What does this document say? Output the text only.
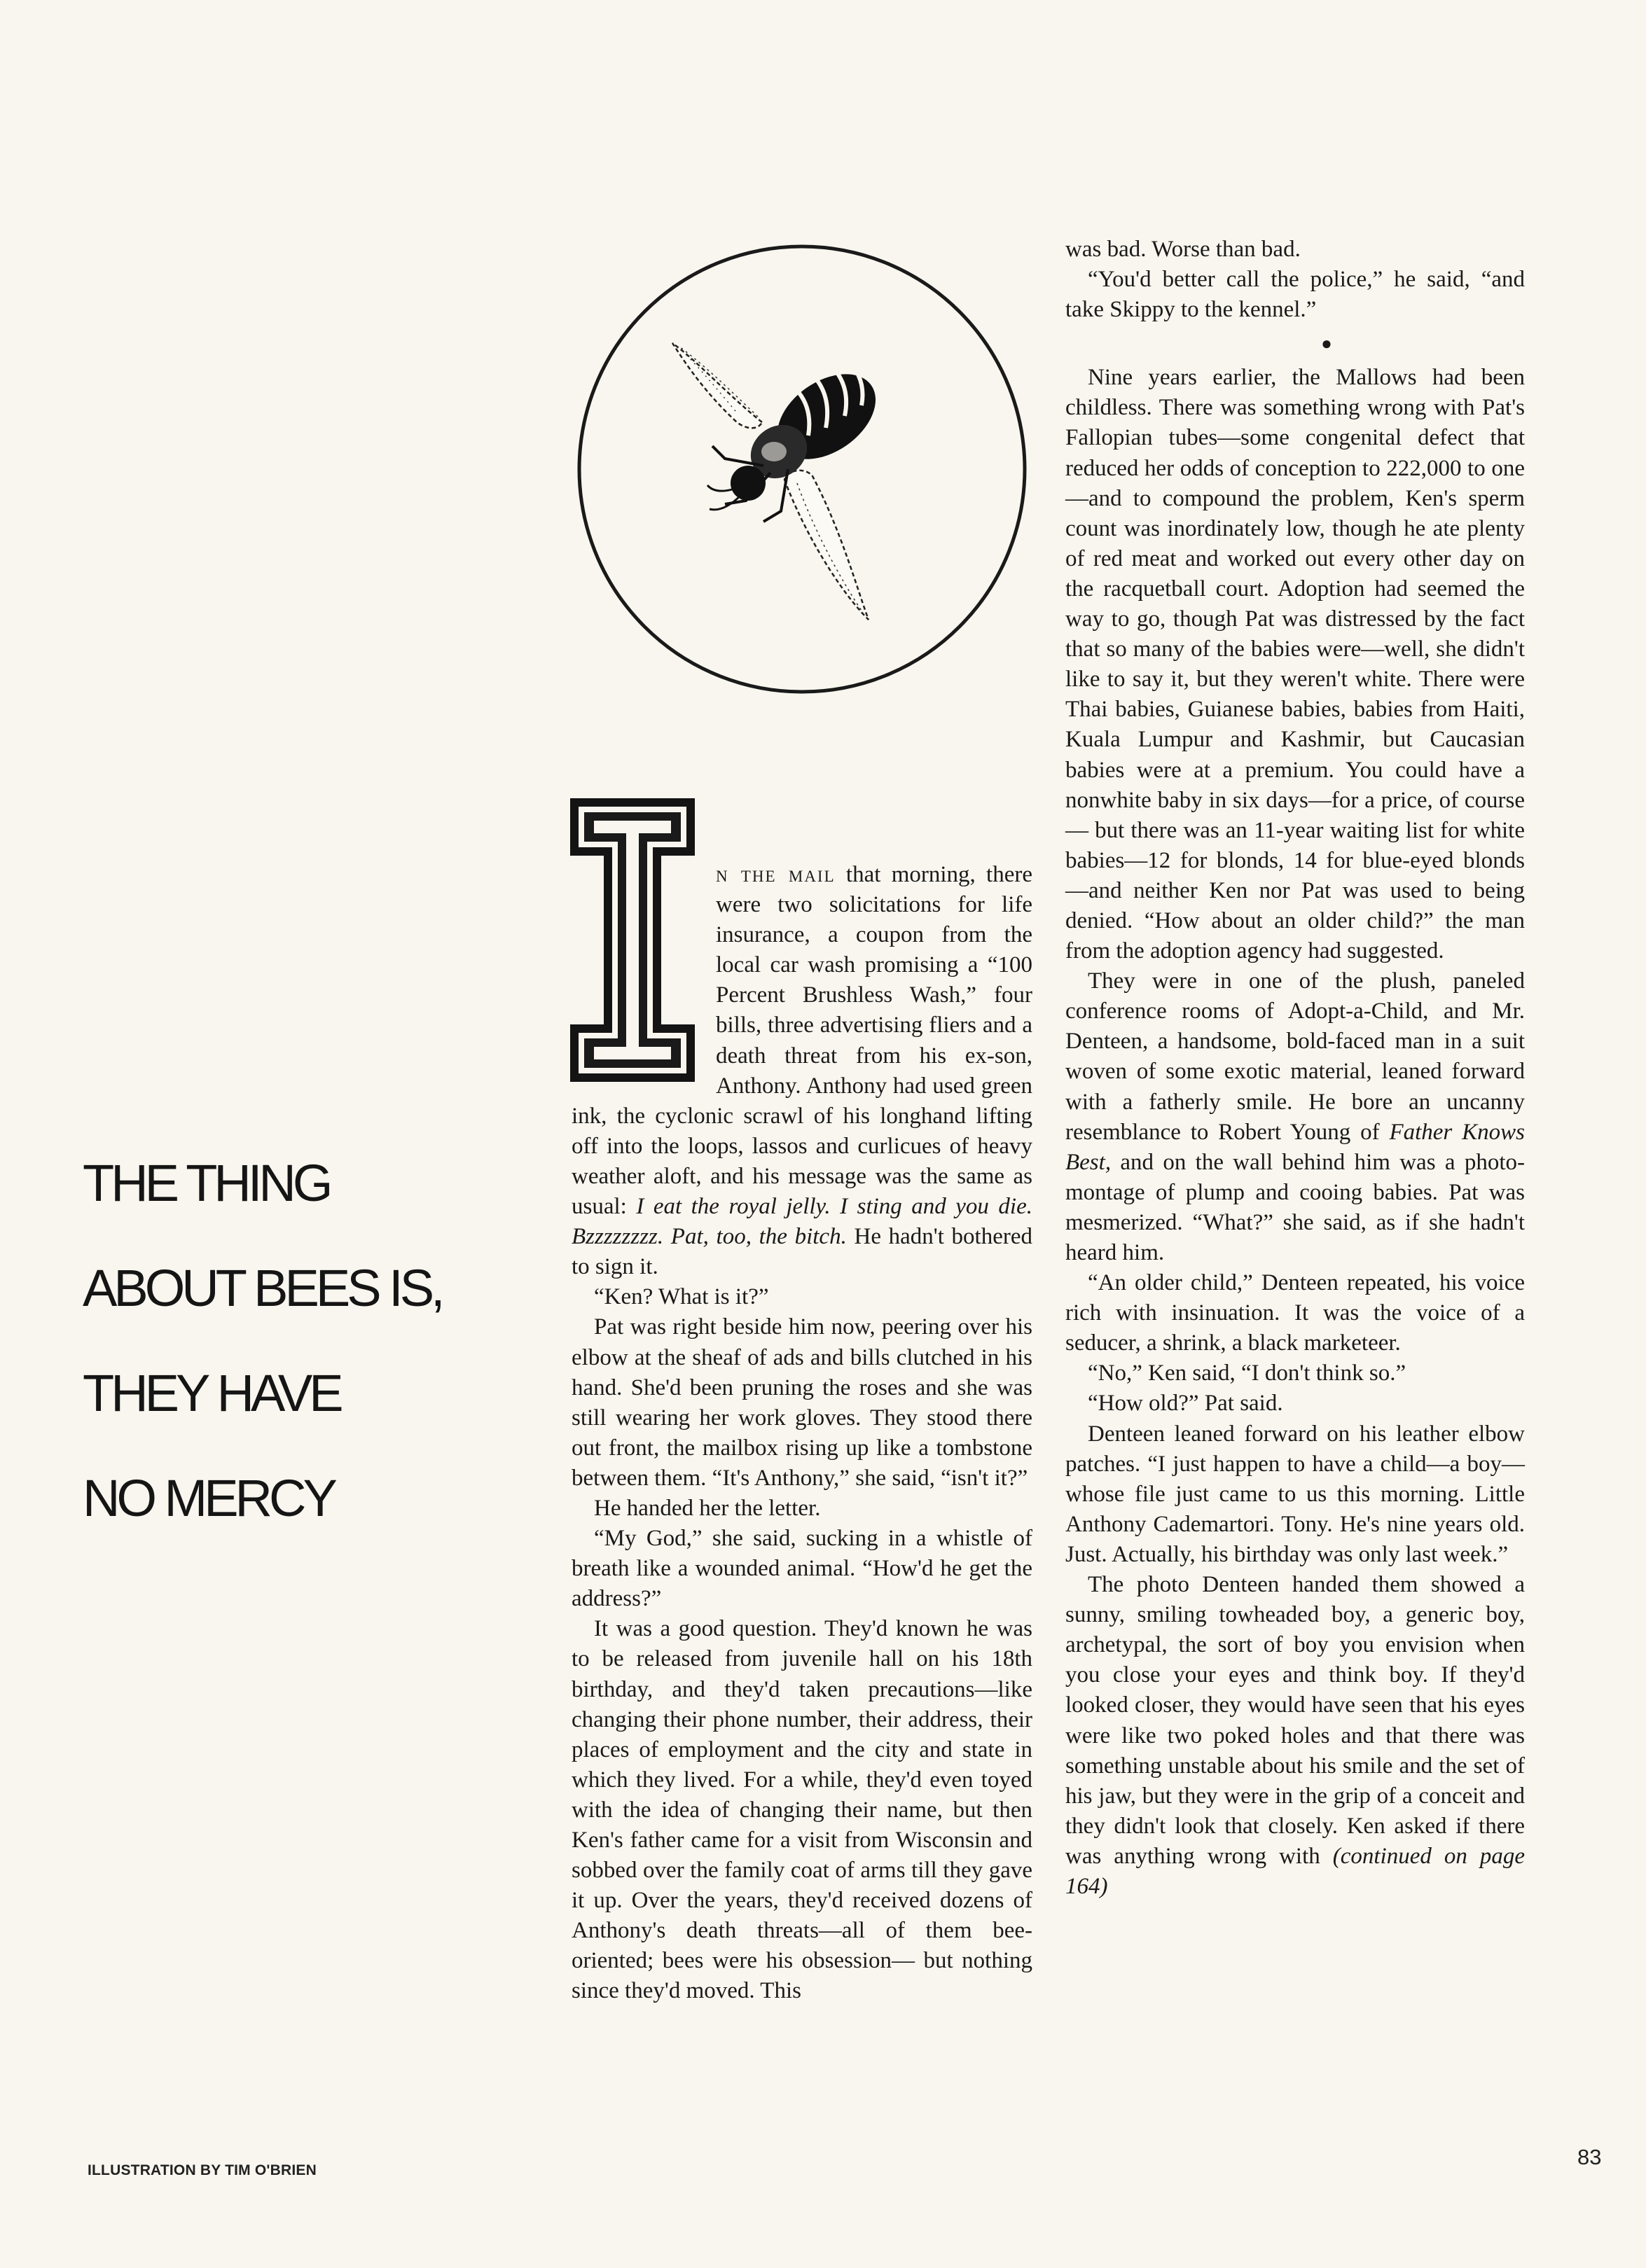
THE THING
ABOUT BEES IS,
THEY HAVE
NO MERCY

n the mail that morning, there were two solicitations for life insurance, a coupon from the local car wash promising a “100 Percent Brushless Wash,” four bills, three advertising fliers and a death threat from his ex-son, Anthony. Anthony had used green ink, the cyclonic scrawl of his longhand lifting off into the loops, lassos and curlicues of heavy weather aloft, and his message was the same as usual: I eat the royal jelly. I sting and you die. Bzzzzzzzz. Pat, too, the bitch. He hadn't bothered to sign it.

“Ken? What is it?”

Pat was right beside him now, peering over his elbow at the sheaf of ads and bills clutched in his hand. She'd been pruning the roses and she was still wearing her work gloves. They stood there out front, the mailbox rising up like a tombstone between them. “It's Anthony,” she said, “isn't it?”

He handed her the letter.

“My God,” she said, sucking in a whistle of breath like a wounded animal. “How'd he get the address?”

It was a good question. They'd known he was to be released from juvenile hall on his 18th birthday, and they'd taken precautions—like changing their phone number, their address, their places of employment and the city and state in which they lived. For a while, they'd even toyed with the idea of changing their name, but then Ken's father came for a visit from Wisconsin and sobbed over the family coat of arms till they gave it up. Over the years, they'd received dozens of Anthony's death threats—all of them bee-oriented; bees were his obsession— but nothing since they'd moved. This

was bad. Worse than bad.

“You'd better call the police,” he said, “and take Skippy to the kennel.”

●

Nine years earlier, the Mallows had been childless. There was something wrong with Pat's Fallopian tubes—some congenital defect that reduced her odds of conception to 222,000 to one—and to compound the problem, Ken's sperm count was inordinately low, though he ate plenty of red meat and worked out every other day on the racquetball court. Adoption had seemed the way to go, though Pat was distressed by the fact that so many of the babies were—well, she didn't like to say it, but they weren't white. There were Thai babies, Guianese babies, babies from Haiti, Kuala Lumpur and Kashmir, but Caucasian babies were at a premium. You could have a nonwhite baby in six days—for a price, of course— but there was an 11-year waiting list for white babies—12 for blonds, 14 for blue-eyed blonds—and neither Ken nor Pat was used to being denied. “How about an older child?” the man from the adoption agency had suggested.

They were in one of the plush, paneled conference rooms of Adopt-a-Child, and Mr. Denteen, a handsome, bold-faced man in a suit woven of some exotic material, leaned forward with a fatherly smile. He bore an uncanny resemblance to Robert Young of Father Knows Best, and on the wall behind him was a photomontage of plump and cooing babies. Pat was mesmerized. “What?” she said, as if she hadn't heard him.

“An older child,” Denteen repeated, his voice rich with insinuation. It was the voice of a seducer, a shrink, a black marketeer.

“No,” Ken said, “I don't think so.”

“How old?” Pat said.

Denteen leaned forward on his leather elbow patches. “I just happen to have a child—a boy—whose file just came to us this morning. Little Anthony Cademartori. Tony. He's nine years old. Just. Actually, his birthday was only last week.”

The photo Denteen handed them showed a sunny, smiling towheaded boy, a generic boy, archetypal, the sort of boy you envision when you close your eyes and think boy. If they'd looked closer, they would have seen that his eyes were like two poked holes and that there was something unstable about his smile and the set of his jaw, but they were in the grip of a conceit and they didn't look that closely. Ken asked if there was anything wrong with (continued on page 164)

ILLUSTRATION BY TIM O'BRIEN
83
